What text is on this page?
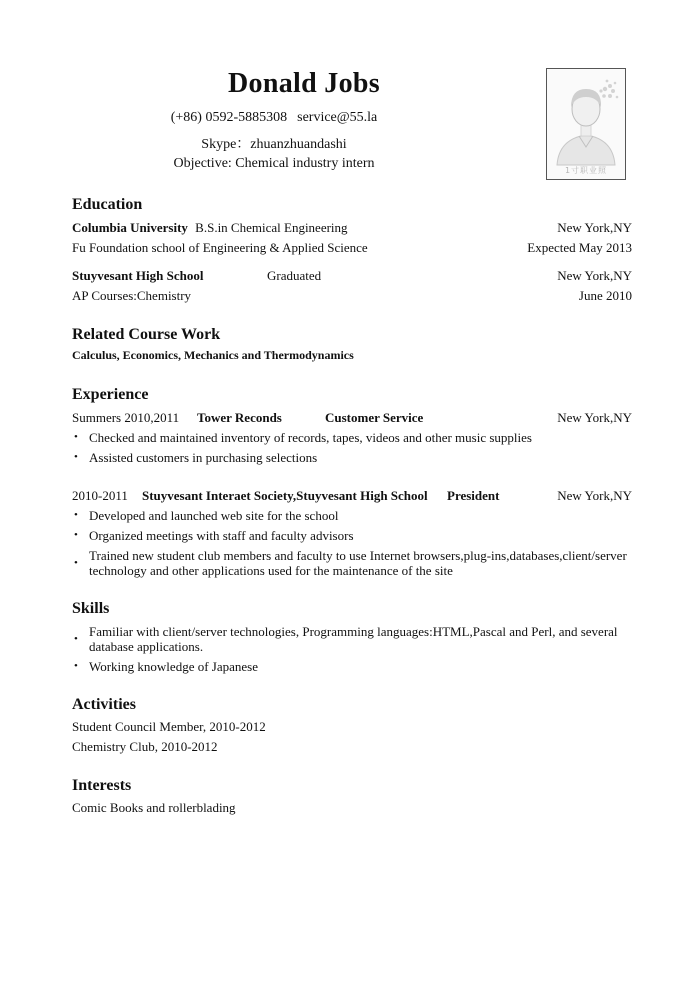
Donald Jobs
(+86) 0592-5885308 service@55.la
Skype：zhuanzhuandashi
Objective: Chemical industry intern	1寸职业照
Education
Columbia University B.S.in Chemical Engineering	New York,NY
Fu Foundation school of Engineering & Applied Science	Expected May 2013
Stuyvesant High School	Graduated	New York,NY
AP Courses:Chemistry	June 2010
Related Course Work
Calculus, Economics, Mechanics and Thermodynamics
Experience
Summers 2010,2011 Tower Reconds	Customer Service	New York,NY
• Checked and maintained inventory of records, tapes, videos and other music supplies
• Assisted customers in purchasing selections
2010-2011 Stuyvesant Interaet Society,Stuyvesant High School President	New York,NY
• Developed and launched web site for the school
• Organized meetings with staff and faculty advisors
• Trained new student club members and faculty to use Internet browsers,plug-ins,databases,client/server technology and other applications used for the maintenance of the site
Skills
• Familiar with client/server technologies, Programming languages:HTML,Pascal and Perl, and several database applications.
• Working knowledge of Japanese
Activities
Student Council Member, 2010-2012
Chemistry Club, 2010-2012
Interests
Comic Books and rollerblading
